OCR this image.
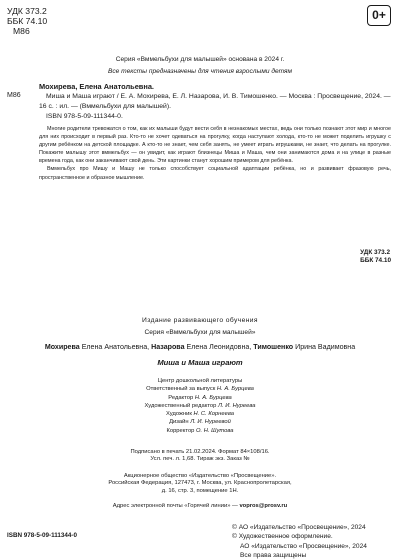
УДК 373.2
ББК 74.10
М86
0+
Серия «Вммельбухи для малышей» основана в 2024 г.
Все тексты предназначены для чтения взрослыми детям
М86
Мохирева, Елена Анатольевна.
Миша и Маша играют / Е. А. Мохирева, Е. Л. Назарова, И. В. Тимошенко. — Москва : Просвещение, 2024. — 16 с. : ил. — (Вммельбухи для малышей).
ISBN 978-5-09-111344-0.

Многие родители тревожатся о том, как их малыши будут вести себя в незнакомых местах, ведь они только познают этот мир и многое для них происходит в первый раз. Кто-то не хочет одеваться на прогулку, когда наступают холода, кто-то не может поделить игрушку с другим ребёнком на детской площадке. А кто-то не знает, чем себя занять, не умеет играть игрушками, не знает, что делать на прогулке. Покажите малышу этот вммельбух — он увидит, как играют близнецы Миша и Маша, чем они занимаются дома и на улице в разные времена года, как они заканчивают свой день. Эти картинки станут хорошим примером для ребёнка.

Вммельбух про Мишу и Машу не только способствует социальной адаптации ребёнка, но и развивает фразовую речь, пространственное и образное мышление.

УДК 373.2
ББК 74.10
Издание развивающего обучения
Серия «Вммельбухи для малышей»
Мохирева Елена Анатольевна, Назарова Елена Леонидовна, Тимошенко Ирина Вадимовна
Миша и Маша играют
Центр дошкольной литературы
Ответственный за выпуск Н. А. Бурцева
Редактор Н. А. Бурцева
Художественный редактор Л. И. Нуреева
Художник Н. С. Корнеева
Дизайн Л. И. Нуреевой
Корректор О. Н. Шутова
Подписано в печать 21.02.2024. Формат 84×108/16.
Усл. печ. л. 1,68. Тираж экз. Заказ №
Акционерное общество «Издательство «Просвещение».
Российская Федерация, 127473, г. Москва, ул. Краснопролетарская,
д. 16, стр. 3, помещение 1Н.
Адрес электронной почты «Горячей линии» — vopros@prosv.ru
ISBN 978-5-09-111344-0
© АО «Издательство «Просвещение», 2024
© Художественное оформление.
АО «Издательство «Просвещение», 2024
Все права защищены
